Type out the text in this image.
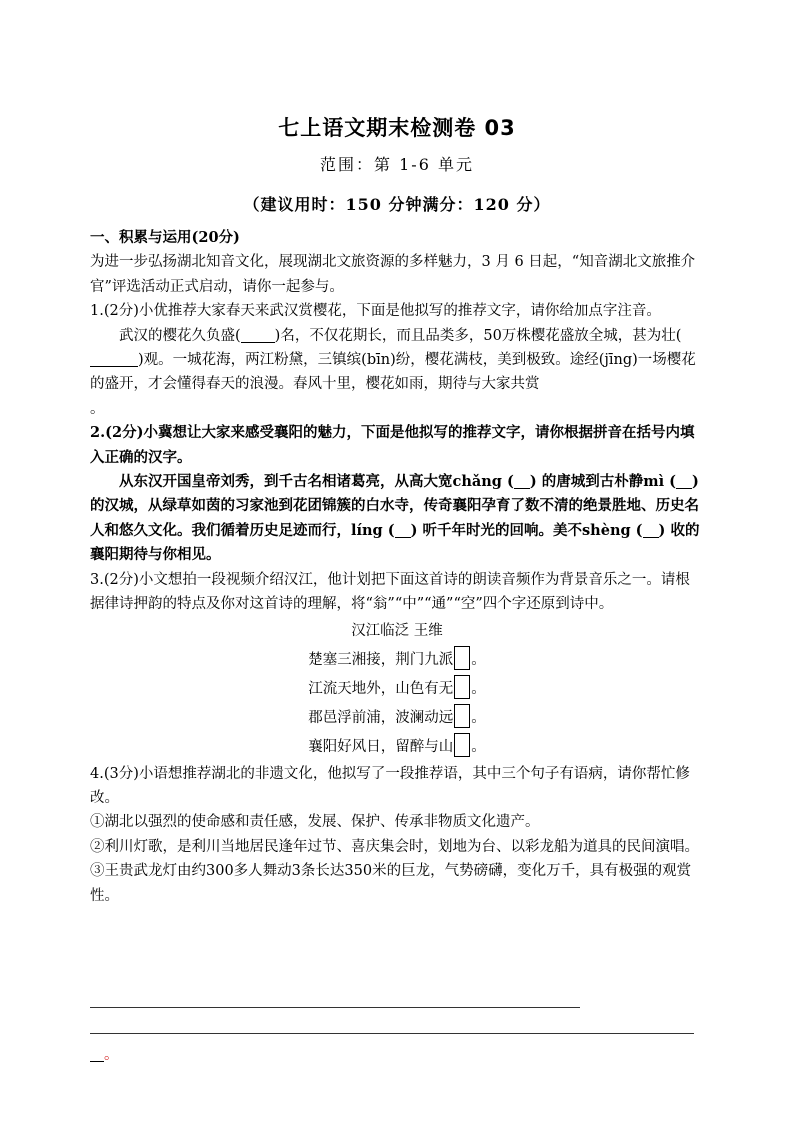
七上语文期末检测卷 03
范围：第 1-6 单元
（建议用时：150 分钟满分：120 分）

一、积累与运用(20分)

为进一步弘扬湖北知音文化，展现湖北文旅资源的多样魅力，3 月 6 日起，“知音湖北文旅推介官”评选活动正式启动，请你一起参与。

1.(2分)小优推荐大家春天来武汉赏樱花，下面是他拟写的推荐文字，请你给加点字注音。

武汉的樱花久负盛( )名，不仅花期长，而且品类多，50万株樱花盛放全城，甚为壮()观。一城花海，两江粉黛，三镇缤(bīn)纷，樱花满枝，美到极致。途经(jīng)一场樱花的盛开，才会懂得春天的浪漫。春风十里，樱花如雨，期待与大家共赏
。

2.(2分)小冀想让大家来感受襄阳的魅力，下面是他拟写的推荐文字，请你根据拼音在括号内填入正确的汉字。

从东汉开国皇帝刘秀，到千古名相诸葛亮，从高大宽chǎng ( ) 的唐城到古朴静mì ( ) 的汉城，从绿草如茵的习家池到花团锦簇的白水寺，传奇襄阳孕育了数不清的绝景胜地、历史名人和悠久文化。我们循着历史足迹而行，líng ( ) 听千年时光的回响。美不shèng ( ) 收的襄阳期待与你相见。

3.(2分)小文想拍一段视频介绍汉江，他计划把下面这首诗的朗读音频作为背景音乐之一。请根据律诗押韵的特点及你对这首诗的理解，将“翁”“中”“通”“空”四个字还原到诗中。

汉江临泛 王维
楚塞三湘接，荆门九派 。
江流天地外，山色有无 。
郡邑浮前浦，波澜动远 。
襄阳好风日，留醉与山 。

4.(3分)小语想推荐湖北的非遗文化，他拟写了一段推荐语，其中三个句子有语病，请你帮忙修改。

①湖北以强烈的使命感和责任感，发展、保护、传承非物质文化遗产。

②利川灯歌，是利川当地居民逢年过节、喜庆集会时，划地为台、以彩龙船为道具的民间演唱。

③王贵武龙灯由约300多人舞动3条长达350米的巨龙，气势磅礴，变化万千，具有极强的观赏性。

。
